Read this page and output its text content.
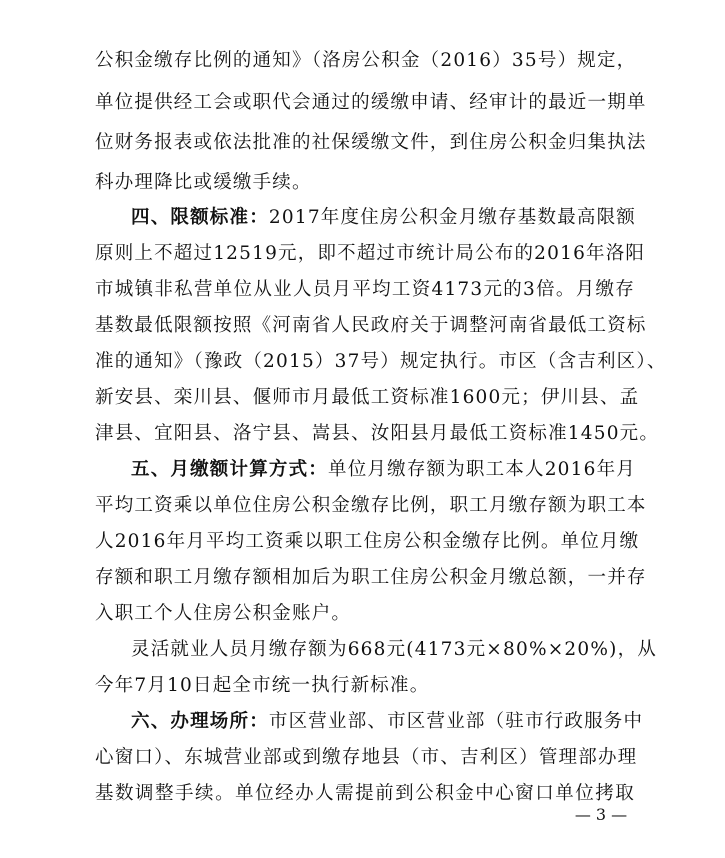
公积金缴存比例的通知》（洛房公积金（2016）35号）规定，
单位提供经工会或职代会通过的缓缴申请、经审计的最近一期单
位财务报表或依法批准的社保缓缴文件，到住房公积金归集执法
科办理降比或缓缴手续。
四、限额标准：2017年度住房公积金月缴存基数最高限额
原则上不超过12519元，即不超过市统计局公布的2016年洛阳
市城镇非私营单位从业人员月平均工资4173元的3倍。月缴存
基数最低限额按照《河南省人民政府关于调整河南省最低工资标
准的通知》（豫政（2015）37号）规定执行。市区（含吉利区）、
新安县、栾川县、偃师市月最低工资标准1600元；伊川县、孟
津县、宜阳县、洛宁县、嵩县、汝阳县月最低工资标准1450元。
五、月缴额计算方式：单位月缴存额为职工本人2016年月
平均工资乘以单位住房公积金缴存比例，职工月缴存额为职工本
人2016年月平均工资乘以职工住房公积金缴存比例。单位月缴
存额和职工月缴存额相加后为职工住房公积金月缴总额，一并存
入职工个人住房公积金账户。
灵活就业人员月缴存额为668元(4173元×80%×20%)，从
今年7月10日起全市统一执行新标准。
六、办理场所：市区营业部、市区营业部（驻市行政服务中
心窗口）、东城营业部或到缴存地县（市、吉利区）管理部办理
基数调整手续。单位经办人需提前到公积金中心窗口单位拷取
— 3 —
